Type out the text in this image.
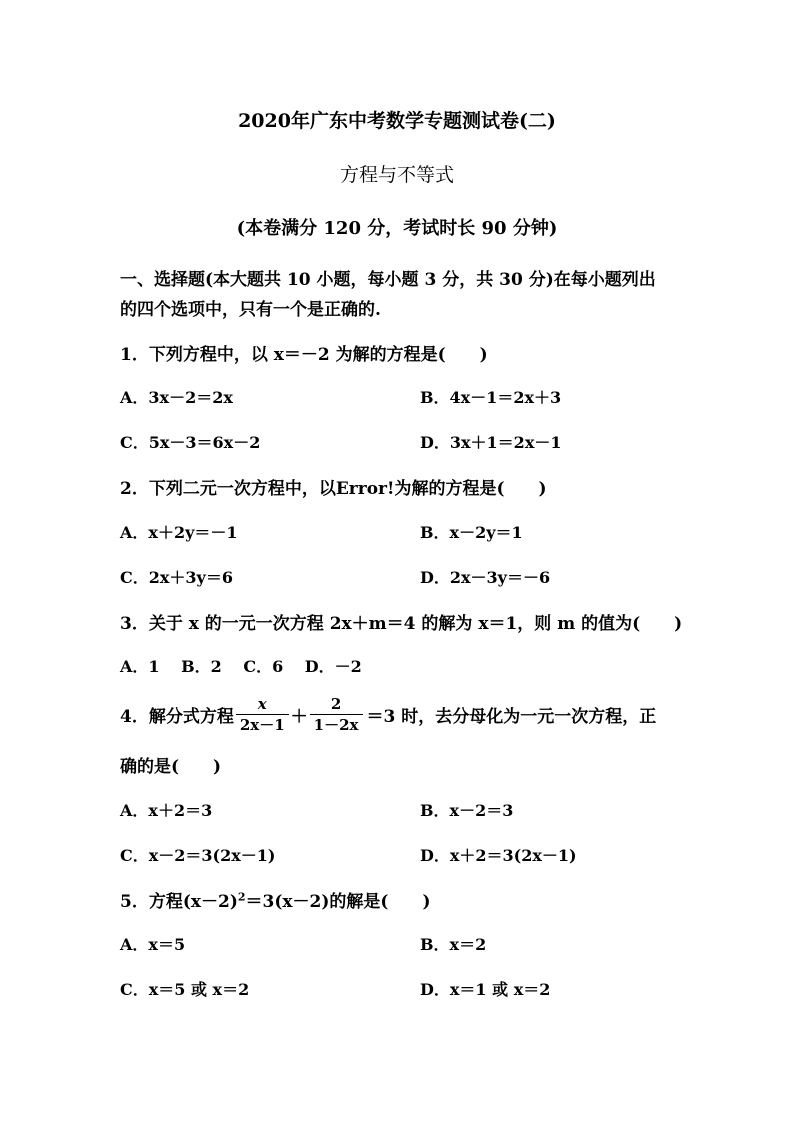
2020年广东中考数学专题测试卷(二)
方程与不等式
(本卷满分 120 分，考试时长 90 分钟)
一、选择题(本大题共 10 小题，每小题 3 分，共 30 分)在每小题列出
的四个选项中，只有一个是正确的.
1．下列方程中，以 x＝－2 为解的方程是(　　)
A．3x－2＝2x	B．4x－1＝2x＋3
C．5x－3＝6x－2	D．3x＋1＝2x－1
2．下列二元一次方程中，以Error!为解的方程是(　　)
A．x＋2y＝－1	B．x－2y＝1
C．2x＋3y＝6	D．2x－3y＝－6
3．关于 x 的一元一次方程 2x＋m＝4 的解为 x＝1，则 m 的值为(　　)
A．1　 B．2　 C．6　 D．－2
4．解分式方程 $\frac{x}{2x-1} + \frac{2}{1-2x} =3$ 时，去分母化为一元一次方程，正
确的是(　　)
A．x＋2＝3	B．x－2＝3
C．x－2＝3(2x－1)	D．x＋2＝3(2x－1)
5．方程$(x-2)^2=3(x-2)$的解是(　　)
A．x＝5	B．x＝2
C．x＝5 或 x＝2	D．x＝1 或 x＝2
